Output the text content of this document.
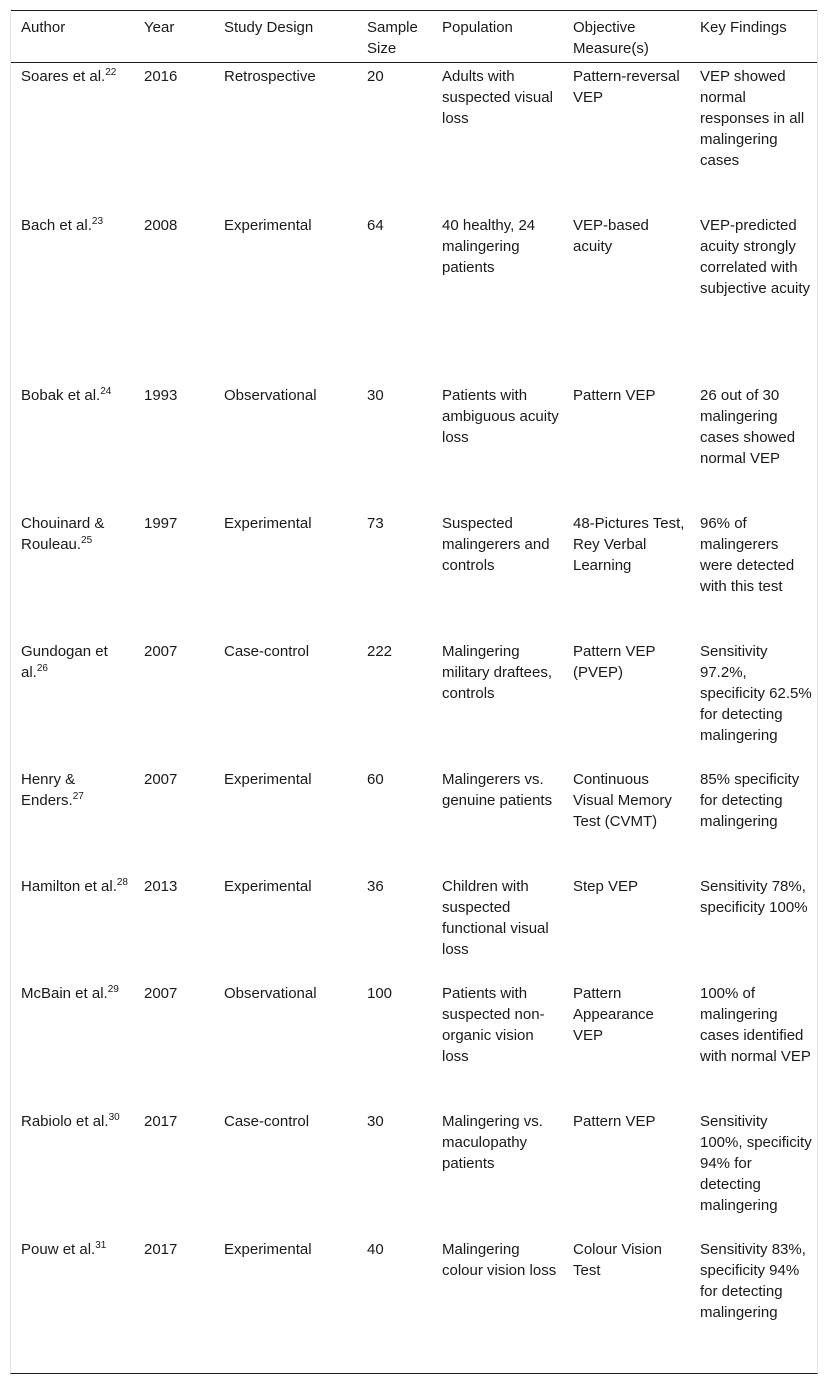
Author	Year	Study Design	Sample Size	Population	Objective Measure(s)	Key Findings
Soares et al.$^{22}$	2016	Retrospective	20	Adults with suspected visual loss	Pattern-reversal VEP	VEP showed normal responses in all malingering cases
Bach et al.$^{23}$	2008	Experimental	64	40 healthy, 24 malingering patients	VEP-based acuity	VEP-predicted acuity strongly correlated with subjective acuity
Bobak et al.$^{24}$	1993	Observational	30	Patients with ambiguous acuity loss	Pattern VEP	26 out of 30 malingering cases showed normal VEP
Chouinard & Rouleau.$^{25}$	1997	Experimental	73	Suspected malingerers and controls	48-Pictures Test, Rey Verbal Learning	96% of malingerers were detected with this test
Gundogan et al.$^{26}$	2007	Case-control	222	Malingering military draftees, controls	Pattern VEP (PVEP)	Sensitivity 97.2%, specificity 62.5% for detecting malingering
Henry & Enders.$^{27}$	2007	Experimental	60	Malingerers vs. genuine patients	Continuous Visual Memory Test (CVMT)	85% specificity for detecting malingering
Hamilton et al.$^{28}$	2013	Experimental	36	Children with suspected functional visual loss	Step VEP	Sensitivity 78%, specificity 100%
McBain et al.$^{29}$	2007	Observational	100	Patients with suspected non-organic vision loss	Pattern Appearance VEP	100% of malingering cases identified with normal VEP
Rabiolo et al.$^{30}$	2017	Case-control	30	Malingering vs. maculopathy patients	Pattern VEP	Sensitivity 100%, specificity 94% for detecting malingering
Pouw et al.$^{31}$	2017	Experimental	40	Malingering colour vision loss	Colour Vision Test	Sensitivity 83%, specificity 94% for detecting malingering
